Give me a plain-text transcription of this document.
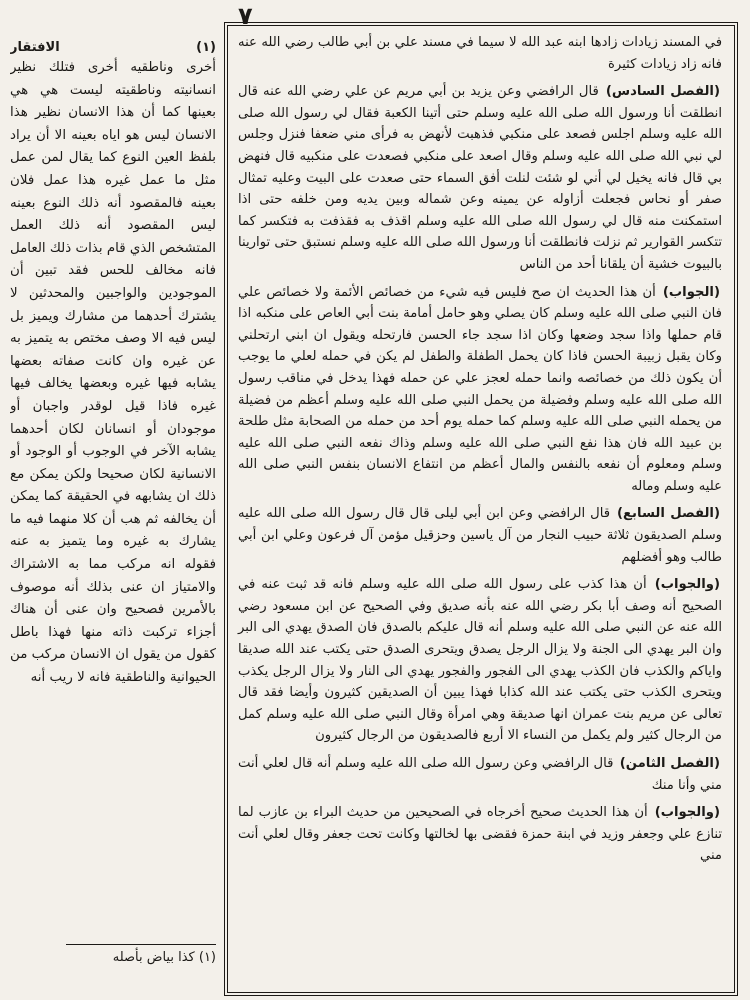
٧
(١)
الافتقار

أخرى وناطقيه أخرى فتلك نظير انسانيته وناطقيته ليست هي هي بعينها كما أن هذا الانسان نظير هذا الانسان ليس هو اياه بعينه الا أن يراد بلفظ العين النوع كما يقال لمن عمل مثل ما عمل غيره هذا عمل فلان بعينه فالمقصود أنه ذلك النوع بعينه ليس المقصود أنه ذلك العمل المتشخص الذي قام بذات ذلك العامل فانه مخالف للحس فقد تبين أن الموجودين والواجبين والمحدثين لا يشترك أحدهما من مشارك ويميز بل ليس فيه الا وصف مختص به يتميز به عن غيره وان كانت صفاته بعضها يشابه فيها غيره وبعضها يخالف فيها غيره فاذا قيل لوقدر واجبان أو موجودان أو انسانان لكان أحدهما يشابه الآخر في الوجوب أو الوجود أو الانسانية لكان صحيحا ولكن يمكن مع ذلك ان يشابهه في الحقيقة كما يمكن أن يخالفه ثم هب أن كلا منهما فيه ما يشارك به غيره وما يتميز به عنه فقوله انه مركب مما به الاشتراك والامتياز ان عنى بذلك أنه موصوف بالأمرين فصحيح وان عنى أن هناك أجزاء تركبت ذاته منها فهذا باطل كقول من يقول ان الانسان مركب من الحيوانية والناطقية فانه لا ريب أنه

(١) كذا بياض بأصله

في المسند زيادات زادها ابنه عبد الله لا سيما في مسند علي بن أبي طالب رضي الله عنه فانه زاد زيادات كثيرة

(الفصل السادس) قال الرافضي وعن يزيد بن أبي مريم عن علي رضي الله عنه قال انطلقت أنا ورسول الله صلى الله عليه وسلم حتى أتينا الكعبة فقال لي رسول الله صلى الله عليه وسلم اجلس فصعد على منكبي فذهبت لأنهض به فرأى مني ضعفا فنزل وجلس لي نبي الله صلى الله عليه وسلم وقال اصعد على منكبي فصعدت على منكبيه قال فنهض بي قال فانه يخيل لي أني لو شئت لنلت أفق السماء حتى صعدت على البيت وعليه تمثال صفر أو نحاس فجعلت أزاوله عن يمينه وعن شماله وبين يديه ومن خلفه حتى اذا استمكنت منه قال لي رسول الله صلى الله عليه وسلم اقذف به فقذفت به فتكسر كما تتكسر القوارير ثم نزلت فانطلقت أنا ورسول الله صلى الله عليه وسلم نستبق حتى توارينا بالبيوت خشية أن يلقانا أحد من الناس

(الجواب) أن هذا الحديث ان صح فليس فيه شيء من خصائص الأئمة ولا خصائص علي فان النبي صلى الله عليه وسلم كان يصلي وهو حامل أمامة بنت أبي العاص على منكبه اذا قام حملها واذا سجد وضعها وكان اذا سجد جاء الحسن فارتحله ويقول ان ابني ارتحلني وكان يقبل زبيبة الحسن فاذا كان يحمل الطفلة والطفل لم يكن في حمله لعلي ما يوجب أن يكون ذلك من خصائصه وانما حمله لعجز علي عن حمله فهذا يدخل في مناقب رسول الله صلى الله عليه وسلم وفضيلة من يحمل النبي صلى الله عليه وسلم أعظم من فضيلة من يحمله النبي صلى الله عليه وسلم كما حمله يوم أحد من حمله من الصحابة مثل طلحة بن عبيد الله فان هذا نفع النبي صلى الله عليه وسلم وذاك نفعه النبي صلى الله عليه وسلم ومعلوم أن نفعه بالنفس والمال أعظم من انتفاع الانسان بنفس النبي صلى الله عليه وسلم وماله

(الفصل السابع) قال الرافضي وعن ابن أبي ليلى قال قال رسول الله صلى الله عليه وسلم الصديقون ثلاثة حبيب النجار من آل ياسين وحزقيل مؤمن آل فرعون وعلي ابن أبي طالب وهو أفضلهم

(والجواب) أن هذا كذب على رسول الله صلى الله عليه وسلم فانه قد ثبت عنه في الصحيح أنه وصف أبا بكر رضي الله عنه بأنه صديق وفي الصحيح عن ابن مسعود رضي الله عنه عن النبي صلى الله عليه وسلم أنه قال عليكم بالصدق فان الصدق يهدي الى البر وان البر يهدي الى الجنة ولا يزال الرجل يصدق ويتحرى الصدق حتى يكتب عند الله صديقا واياكم والكذب فان الكذب يهدي الى الفجور والفجور يهدي الى النار ولا يزال الرجل يكذب ويتحرى الكذب حتى يكتب عند الله كذابا فهذا يبين أن الصديقين كثيرون وأيضا فقد قال تعالى عن مريم بنت عمران انها صديقة وهي امرأة وقال النبي صلى الله عليه وسلم كمل من الرجال كثير ولم يكمل من النساء الا أربع فالصديقون من الرجال كثيرون

(الفصل الثامن) قال الرافضي وعن رسول الله صلى الله عليه وسلم أنه قال لعلي أنت مني وأنا منك

(والجواب) أن هذا الحديث صحيح أخرجاه في الصحيحين من حديث البراء بن عازب لما تنازع علي وجعفر وزيد في ابنة حمزة فقضى بها لخالتها وكانت تحت جعفر وقال لعلي أنت مني
